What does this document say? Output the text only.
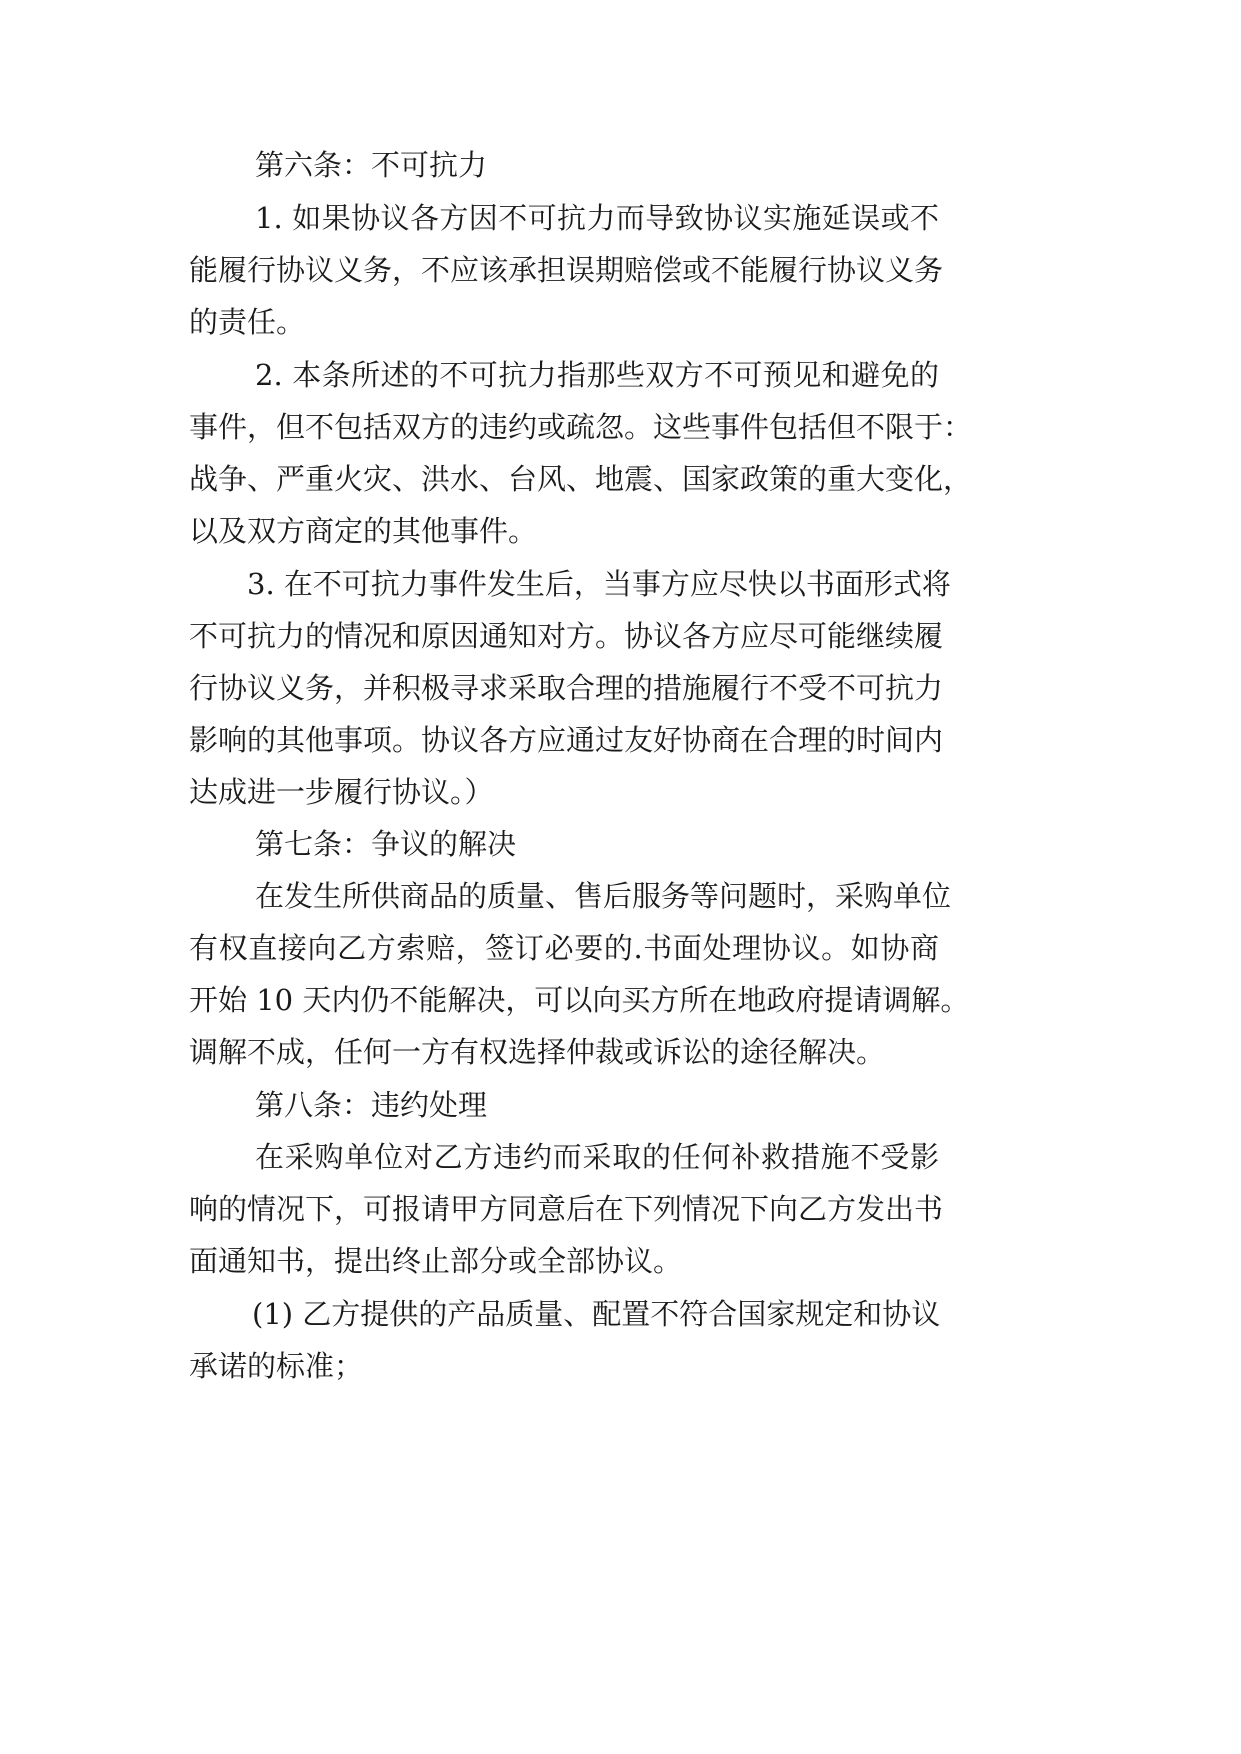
第六条：不可抗力
1. 如果协议各方因不可抗力而导致协议实施延误或不
能履行协议义务，不应该承担误期赔偿或不能履行协议义务
的责任。
2. 本条所述的不可抗力指那些双方不可预见和避免的
事件，但不包括双方的违约或疏忽。这些事件包括但不限于：
战争、严重火灾、洪水、台风、地震、国家政策的重大变化，
以及双方商定的其他事件。
3. 在不可抗力事件发生后，当事方应尽快以书面形式将
不可抗力的情况和原因通知对方。协议各方应尽可能继续履
行协议义务，并积极寻求采取合理的措施履行不受不可抗力
影响的其他事项。协议各方应通过友好协商在合理的时间内
达成进一步履行协议。）
第七条：争议的解决
在发生所供商品的质量、售后服务等问题时，采购单位
有权直接向乙方索赔，签订必要的.书面处理协议。如协商
开始 10 天内仍不能解决，可以向买方所在地政府提请调解。
调解不成，任何一方有权选择仲裁或诉讼的途径解决。
第八条：违约处理
在采购单位对乙方违约而采取的任何补救措施不受影
响的情况下，可报请甲方同意后在下列情况下向乙方发出书
面通知书，提出终止部分或全部协议。
(1) 乙方提供的产品质量、配置不符合国家规定和协议
承诺的标准；
